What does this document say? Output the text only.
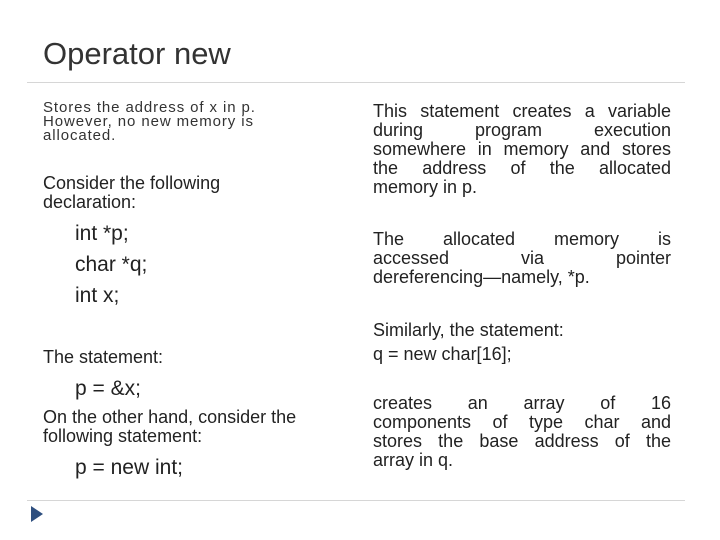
Operator new
Stores the address of x in p. However, no new memory is allocated.
Consider the following declaration:
int *p;
char *q;
int x;
The statement:
p = &x;
On the other hand, consider the following statement:
p = new int;
This statement creates a variable
during program execution
somewhere in memory and stores
the address of the allocated
memory in p.
The allocated memory is
accessed via pointer
dereferencing—namely, *p.
Similarly, the statement:
q = new char[16];
creates an array of 16
components of type char and
stores the base address of the
array in q.
